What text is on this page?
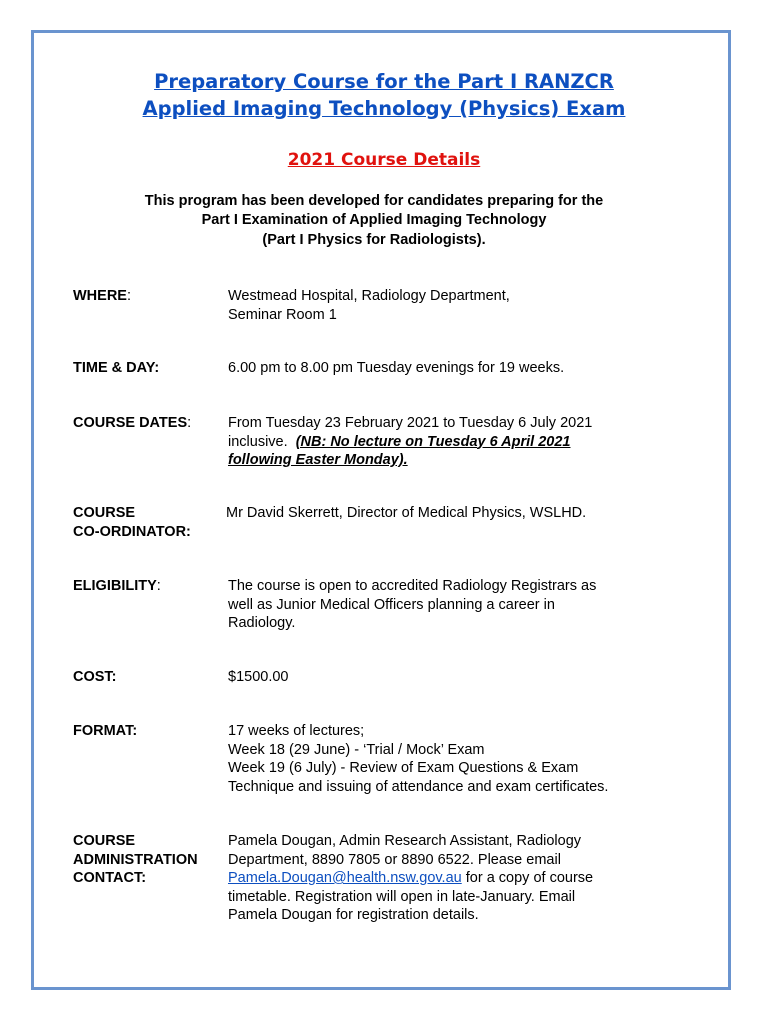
Preparatory Course for the Part I RANZCR
Applied Imaging Technology (Physics) Exam
2021 Course Details
This program has been developed for candidates preparing for the
Part I Examination of Applied Imaging Technology
(Part I Physics for Radiologists).
WHERE:	Westmead Hospital, Radiology Department,
Seminar Room 1
TIME & DAY:	6.00 pm to 8.00 pm Tuesday evenings for 19 weeks.
COURSE DATES:	From Tuesday 23 February 2021 to Tuesday 6 July 2021
inclusive. (NB: No lecture on Tuesday 6 April 2021
following Easter Monday).
COURSE
CO-ORDINATOR:
Mr David Skerrett, Director of Medical Physics, WSLHD.
ELIGIBILITY:	The course is open to accredited Radiology Registrars as
well as Junior Medical Officers planning a career in
Radiology.
COST:	$1500.00
FORMAT:	17 weeks of lectures;
Week 18 (29 June) - ‘Trial / Mock’ Exam
Week 19 (6 July) - Review of Exam Questions & Exam
Technique and issuing of attendance and exam certificates.
COURSE
ADMINISTRATION
CONTACT:
Pamela Dougan, Admin Research Assistant, Radiology
Department, 8890 7805 or 8890 6522. Please email
Pamela.Dougan@health.nsw.gov.au for a copy of course
timetable. Registration will open in late-January. Email
Pamela Dougan for registration details.
